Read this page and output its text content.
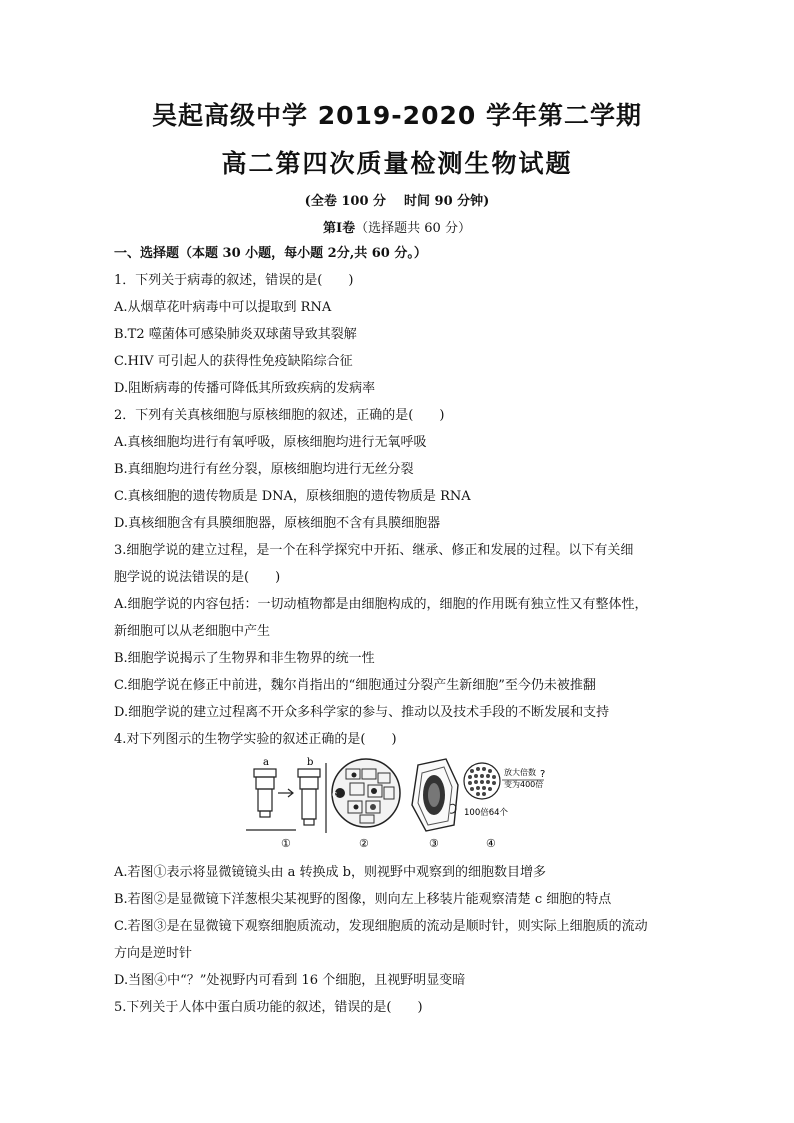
吴起高级中学 2019-2020 学年第二学期
高二第四次质量检测生物试题
(全卷 100 分 时间 90 分钟)
第Ⅰ卷（选择题共 60 分）
一、选择题（本题 30 小题，每小题 2分,共 60 分。）
1．下列关于病毒的叙述，错误的是(　　)
A.从烟草花叶病毒中可以提取到 RNA
B.T2 噬菌体可感染肺炎双球菌导致其裂解
C.HIV 可引起人的获得性免疫缺陷综合征
D.阻断病毒的传播可降低其所致疾病的发病率
2．下列有关真核细胞与原核细胞的叙述，正确的是(　　)
A.真核细胞均进行有氧呼吸，原核细胞均进行无氧呼吸
B.真细胞均进行有丝分裂，原核细胞均进行无丝分裂
C.真核细胞的遗传物质是 DNA，原核细胞的遗传物质是 RNA
D.真核细胞含有具膜细胞器，原核细胞不含有具膜细胞器
3.细胞学说的建立过程，是一个在科学探究中开拓、继承、修正和发展的过程。以下有关细
胞学说的说法错误的是(　　)
A.细胞学说的内容包括：一切动植物都是由细胞构成的，细胞的作用既有独立性又有整体性，
新细胞可以从老细胞中产生
B.细胞学说揭示了生物界和非生物界的统一性
C.细胞学说在修正中前进，魏尔肖指出的“细胞通过分裂产生新细胞”至今仍未被推翻
D.细胞学说的建立过程离不开众多科学家的参与、推动以及技术手段的不断发展和支持
4.对下列图示的生物学实验的叙述正确的是(　　)
a	b
①
c
②	③
放大倍数
变为400倍
?
100倍64个
④
A.若图①表示将显微镜镜头由 a 转换成 b，则视野中观察到的细胞数目增多
B.若图②是显微镜下洋葱根尖某视野的图像，则向左上移装片能观察清楚 c 细胞的特点
C.若图③是在显微镜下观察细胞质流动，发现细胞质的流动是顺时针，则实际上细胞质的流动
方向是逆时针
D.当图④中“？”处视野内可看到 16 个细胞，且视野明显变暗
5.下列关于人体中蛋白质功能的叙述，错误的是(　　)
